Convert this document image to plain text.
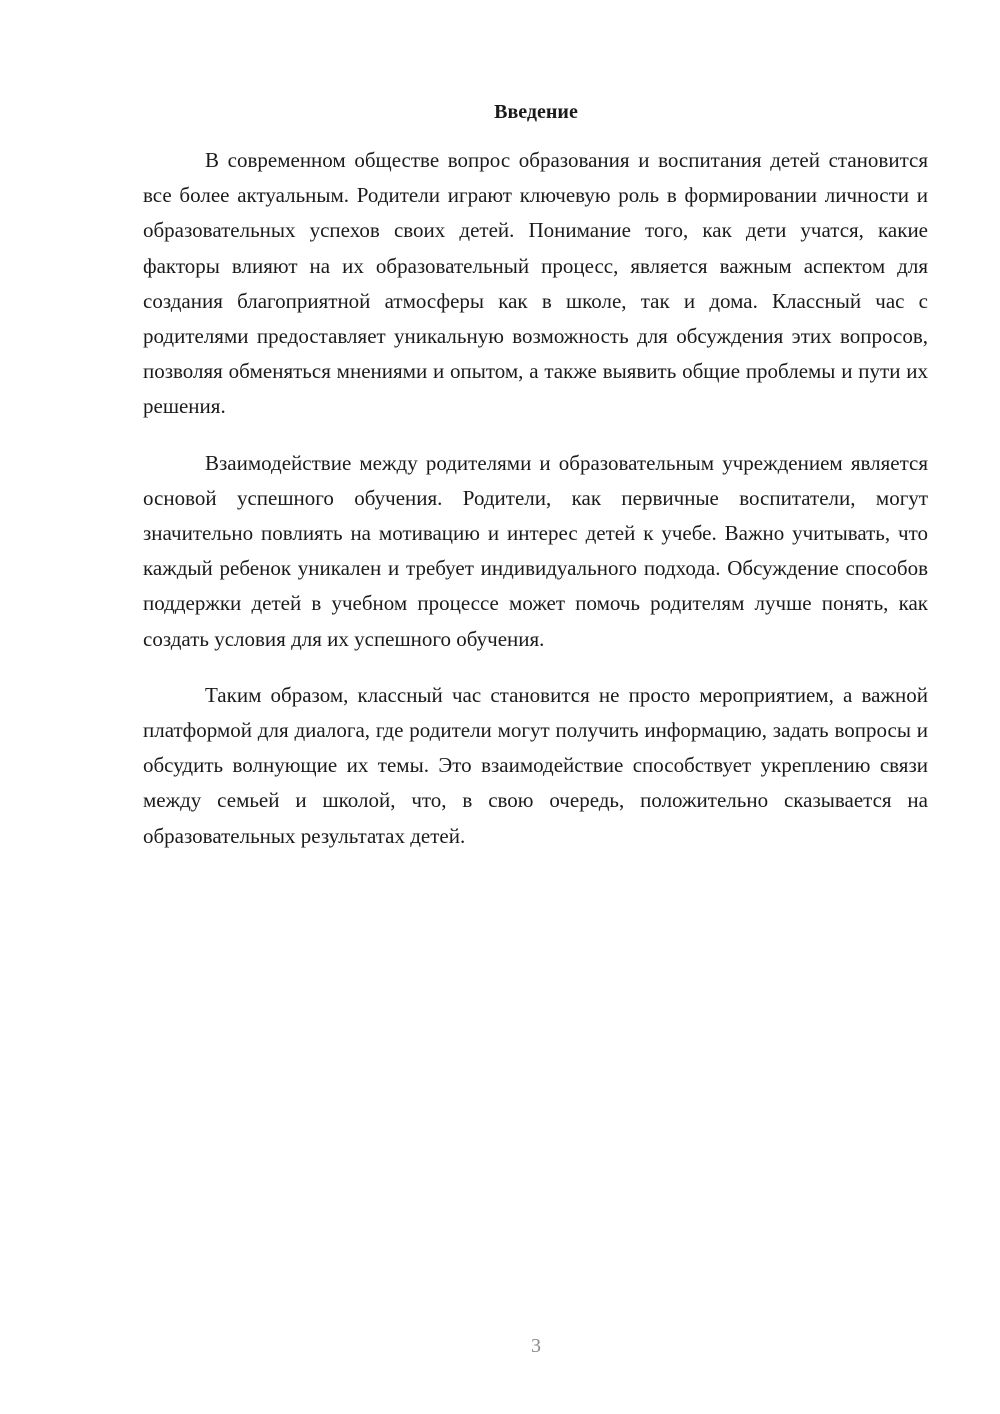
Введение

В современном обществе вопрос образования и воспитания детей становится все более актуальным. Родители играют ключевую роль в формировании личности и образовательных успехов своих детей. Понимание того, как дети учатся, какие факторы влияют на их образовательный процесс, является важным аспектом для создания благоприятной атмосферы как в школе, так и дома. Классный час с родителями предоставляет уникальную возможность для обсуждения этих вопросов, позволяя обменяться мнениями и опытом, а также выявить общие проблемы и пути их решения.

Взаимодействие между родителями и образовательным учреждением является основой успешного обучения. Родители, как первичные воспитатели, могут значительно повлиять на мотивацию и интерес детей к учебе. Важно учитывать, что каждый ребенок уникален и требует индивидуального подхода. Обсуждение способов поддержки детей в учебном процессе может помочь родителям лучше понять, как создать условия для их успешного обучения.

Таким образом, классный час становится не просто мероприятием, а важной платформой для диалога, где родители могут получить информацию, задать вопросы и обсудить волнующие их темы. Это взаимодействие способствует укреплению связи между семьей и школой, что, в свою очередь, положительно сказывается на образовательных результатах детей.

3
